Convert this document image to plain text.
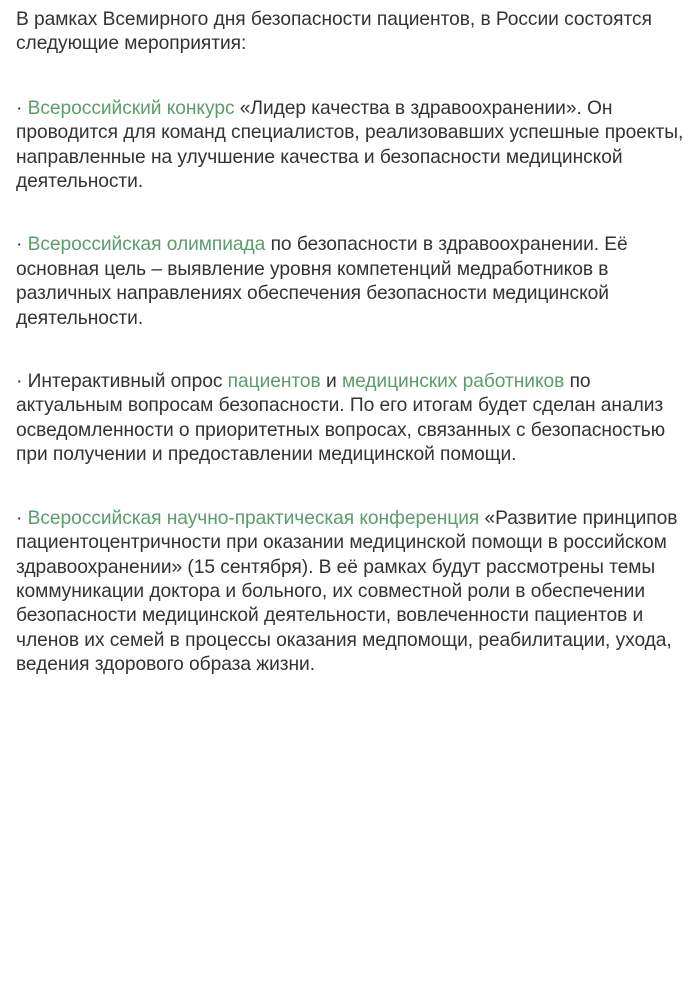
В рамках Всемирного дня безопасности пациентов, в России состоятся следующие мероприятия:

· Всероссийский конкурс «Лидер качества в здравоохранении». Он проводится для команд специалистов, реализовавших успешные проекты, направленные на улучшение качества и безопасности медицинской деятельности.

· Всероссийская олимпиада по безопасности в здравоохранении. Её основная цель – выявление уровня компетенций медработников в различных направлениях обеспечения безопасности медицинской деятельности.

· Интерактивный опрос пациентов и медицинских работников по актуальным вопросам безопасности. По его итогам будет сделан анализ осведомленности о приоритетных вопросах, связанных с безопасностью при получении и предоставлении медицинской помощи.

· Всероссийская научно-практическая конференция «Развитие принципов пациентоцентричности при оказании медицинской помощи в российском здравоохранении» (15 сентября). В её рамках будут рассмотрены темы коммуникации доктора и больного, их совместной роли в обеспечении безопасности медицинской деятельности, вовлеченности пациентов и членов их семей в процессы оказания медпомощи, реабилитации, ухода, ведения здорового образа жизни.
